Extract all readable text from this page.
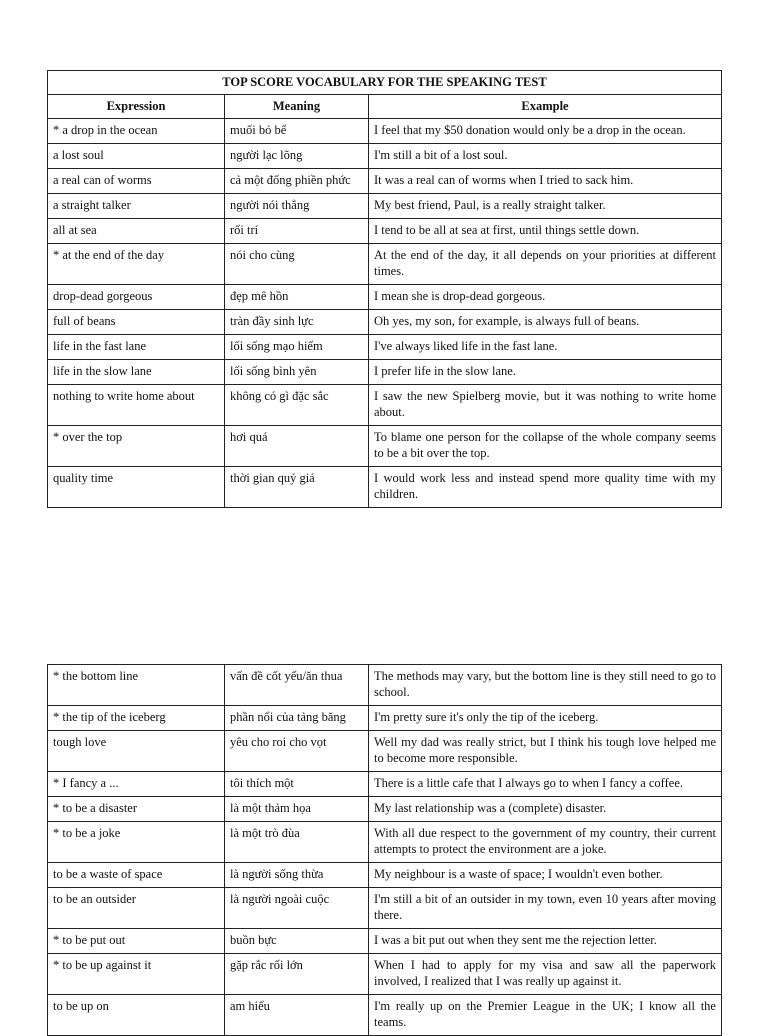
TOP SCORE VOCABULARY FOR THE SPEAKING TEST		
Expression	Meaning	Example
* a drop in the ocean	muối bỏ bể	I feel that my $50 donation would only be a drop in the ocean.
a lost soul	người lạc lõng	I'm still a bit of a lost soul.
a real can of worms	cả một đống phiền phức	It was a real can of worms when I tried to sack him.
a straight talker	người nói thẳng	My best friend, Paul, is a really straight talker.
all at sea	rối trí	I tend to be all at sea at first, until things settle down.
* at the end of the day	nói cho cùng	At the end of the day, it all depends on your priorities at different times.
drop-dead gorgeous	đẹp mê hồn	I mean she is drop-dead gorgeous.
full of beans	tràn đầy sinh lực	Oh yes, my son, for example, is always full of beans.
life in the fast lane	lối sống mạo hiểm	I've always liked life in the fast lane.
life in the slow lane	lối sống bình yên	I prefer life in the slow lane.
nothing to write home about	không có gì đặc sắc	I saw the new Spielberg movie, but it was nothing to write home about.
* over the top	hơi quá	To blame one person for the collapse of the whole company seems to be a bit over the top.
quality time	thời gian quý giá	I would work less and instead spend more quality time with my children.
* the bottom line	vấn đề cốt yếu/ăn thua	The methods may vary, but the bottom line is they still need to go to school.
* the tip of the iceberg	phần nổi của tảng băng	I'm pretty sure it's only the tip of the iceberg.
tough love	yêu cho roi cho vọt	Well my dad was really strict, but I think his tough love helped me to become more responsible.
* I fancy a ...	tôi thích một	There is a little cafe that I always go to when I fancy a coffee.
* to be a disaster	là một thảm họa	My last relationship was a (complete) disaster.
* to be a joke	là một trò đùa	With all due respect to the government of my country, their current attempts to protect the environment are a joke.
to be a waste of space	là người sống thừa	My neighbour is a waste of space; I wouldn't even bother.
to be an outsider	là người ngoài cuộc	I'm still a bit of an outsider in my town, even 10 years after moving there.
* to be put out	buồn bực	I was a bit put out when they sent me the rejection letter.
* to be up against it	gặp rắc rối lớn	When I had to apply for my visa and saw all the paperwork involved, I realized that I was really up against it.
to be up on	am hiểu	I'm really up on the Premier League in the UK; I know all the teams.
